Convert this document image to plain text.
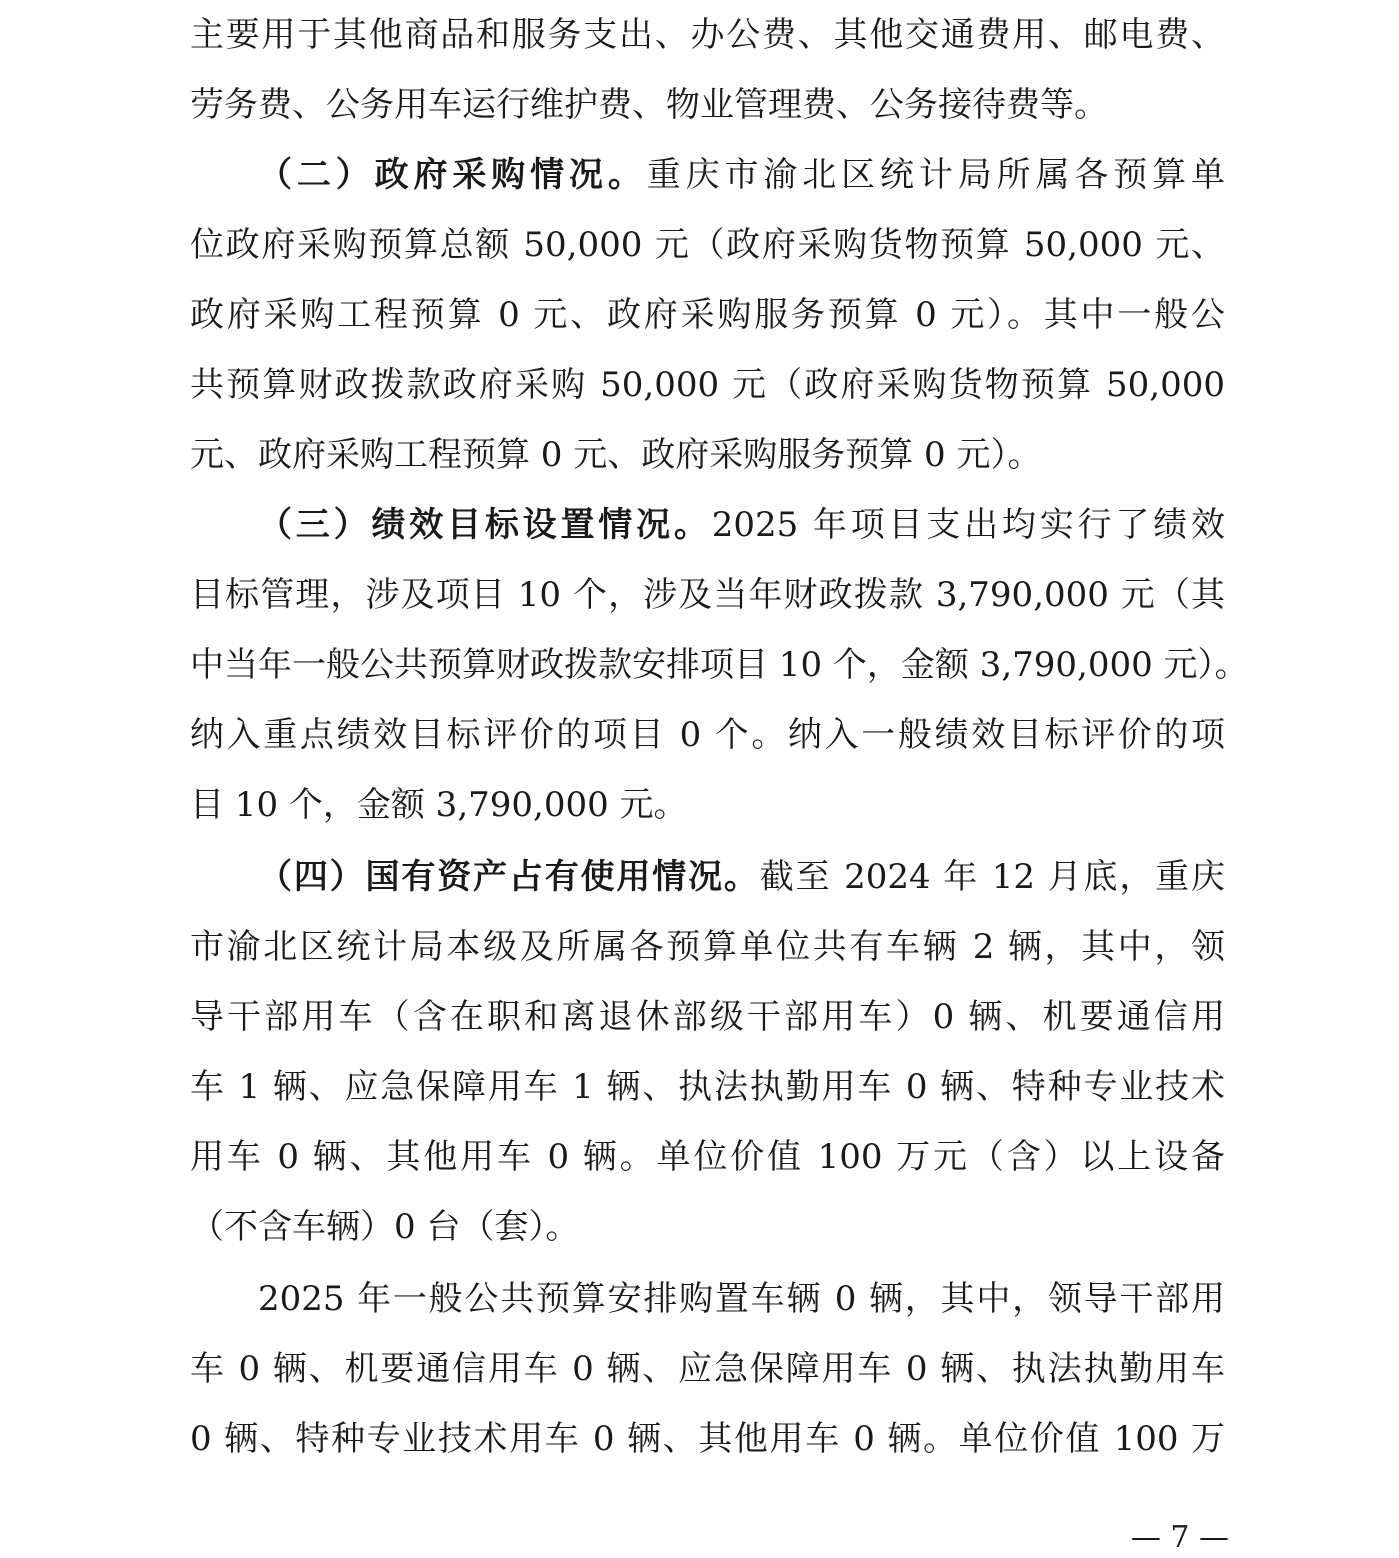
主要用于其他商品和服务支出、办公费、其他交通费用、邮电费、
劳务费、公务用车运行维护费、物业管理费、公务接待费等。
（二）政府采购情况。重庆市渝北区统计局所属各预算单
位政府采购预算总额 50,000 元（政府采购货物预算 50,000 元、
政府采购工程预算 0 元、政府采购服务预算 0 元）。其中一般公
共预算财政拨款政府采购 50,000 元（政府采购货物预算 50,000
元、政府采购工程预算 0 元、政府采购服务预算 0 元）。
（三）绩效目标设置情况。2025 年项目支出均实行了绩效
目标管理，涉及项目 10 个，涉及当年财政拨款 3,790,000 元（其
中当年一般公共预算财政拨款安排项目 10 个，金额 3,790,000 元）。
纳入重点绩效目标评价的项目 0 个。纳入一般绩效目标评价的项
目 10 个，金额 3,790,000 元。
（四）国有资产占有使用情况。截至 2024 年 12 月底，重庆
市渝北区统计局本级及所属各预算单位共有车辆 2 辆，其中，领
导干部用车（含在职和离退休部级干部用车）0 辆、机要通信用
车 1 辆、应急保障用车 1 辆、执法执勤用车 0 辆、特种专业技术
用车 0 辆、其他用车 0 辆。单位价值 100 万元（含）以上设备
（不含车辆）0 台（套）。
2025 年一般公共预算安排购置车辆 0 辆，其中，领导干部用
车 0 辆、机要通信用车 0 辆、应急保障用车 0 辆、执法执勤用车
0 辆、特种专业技术用车 0 辆、其他用车 0 辆。单位价值 100 万
— 7 —
